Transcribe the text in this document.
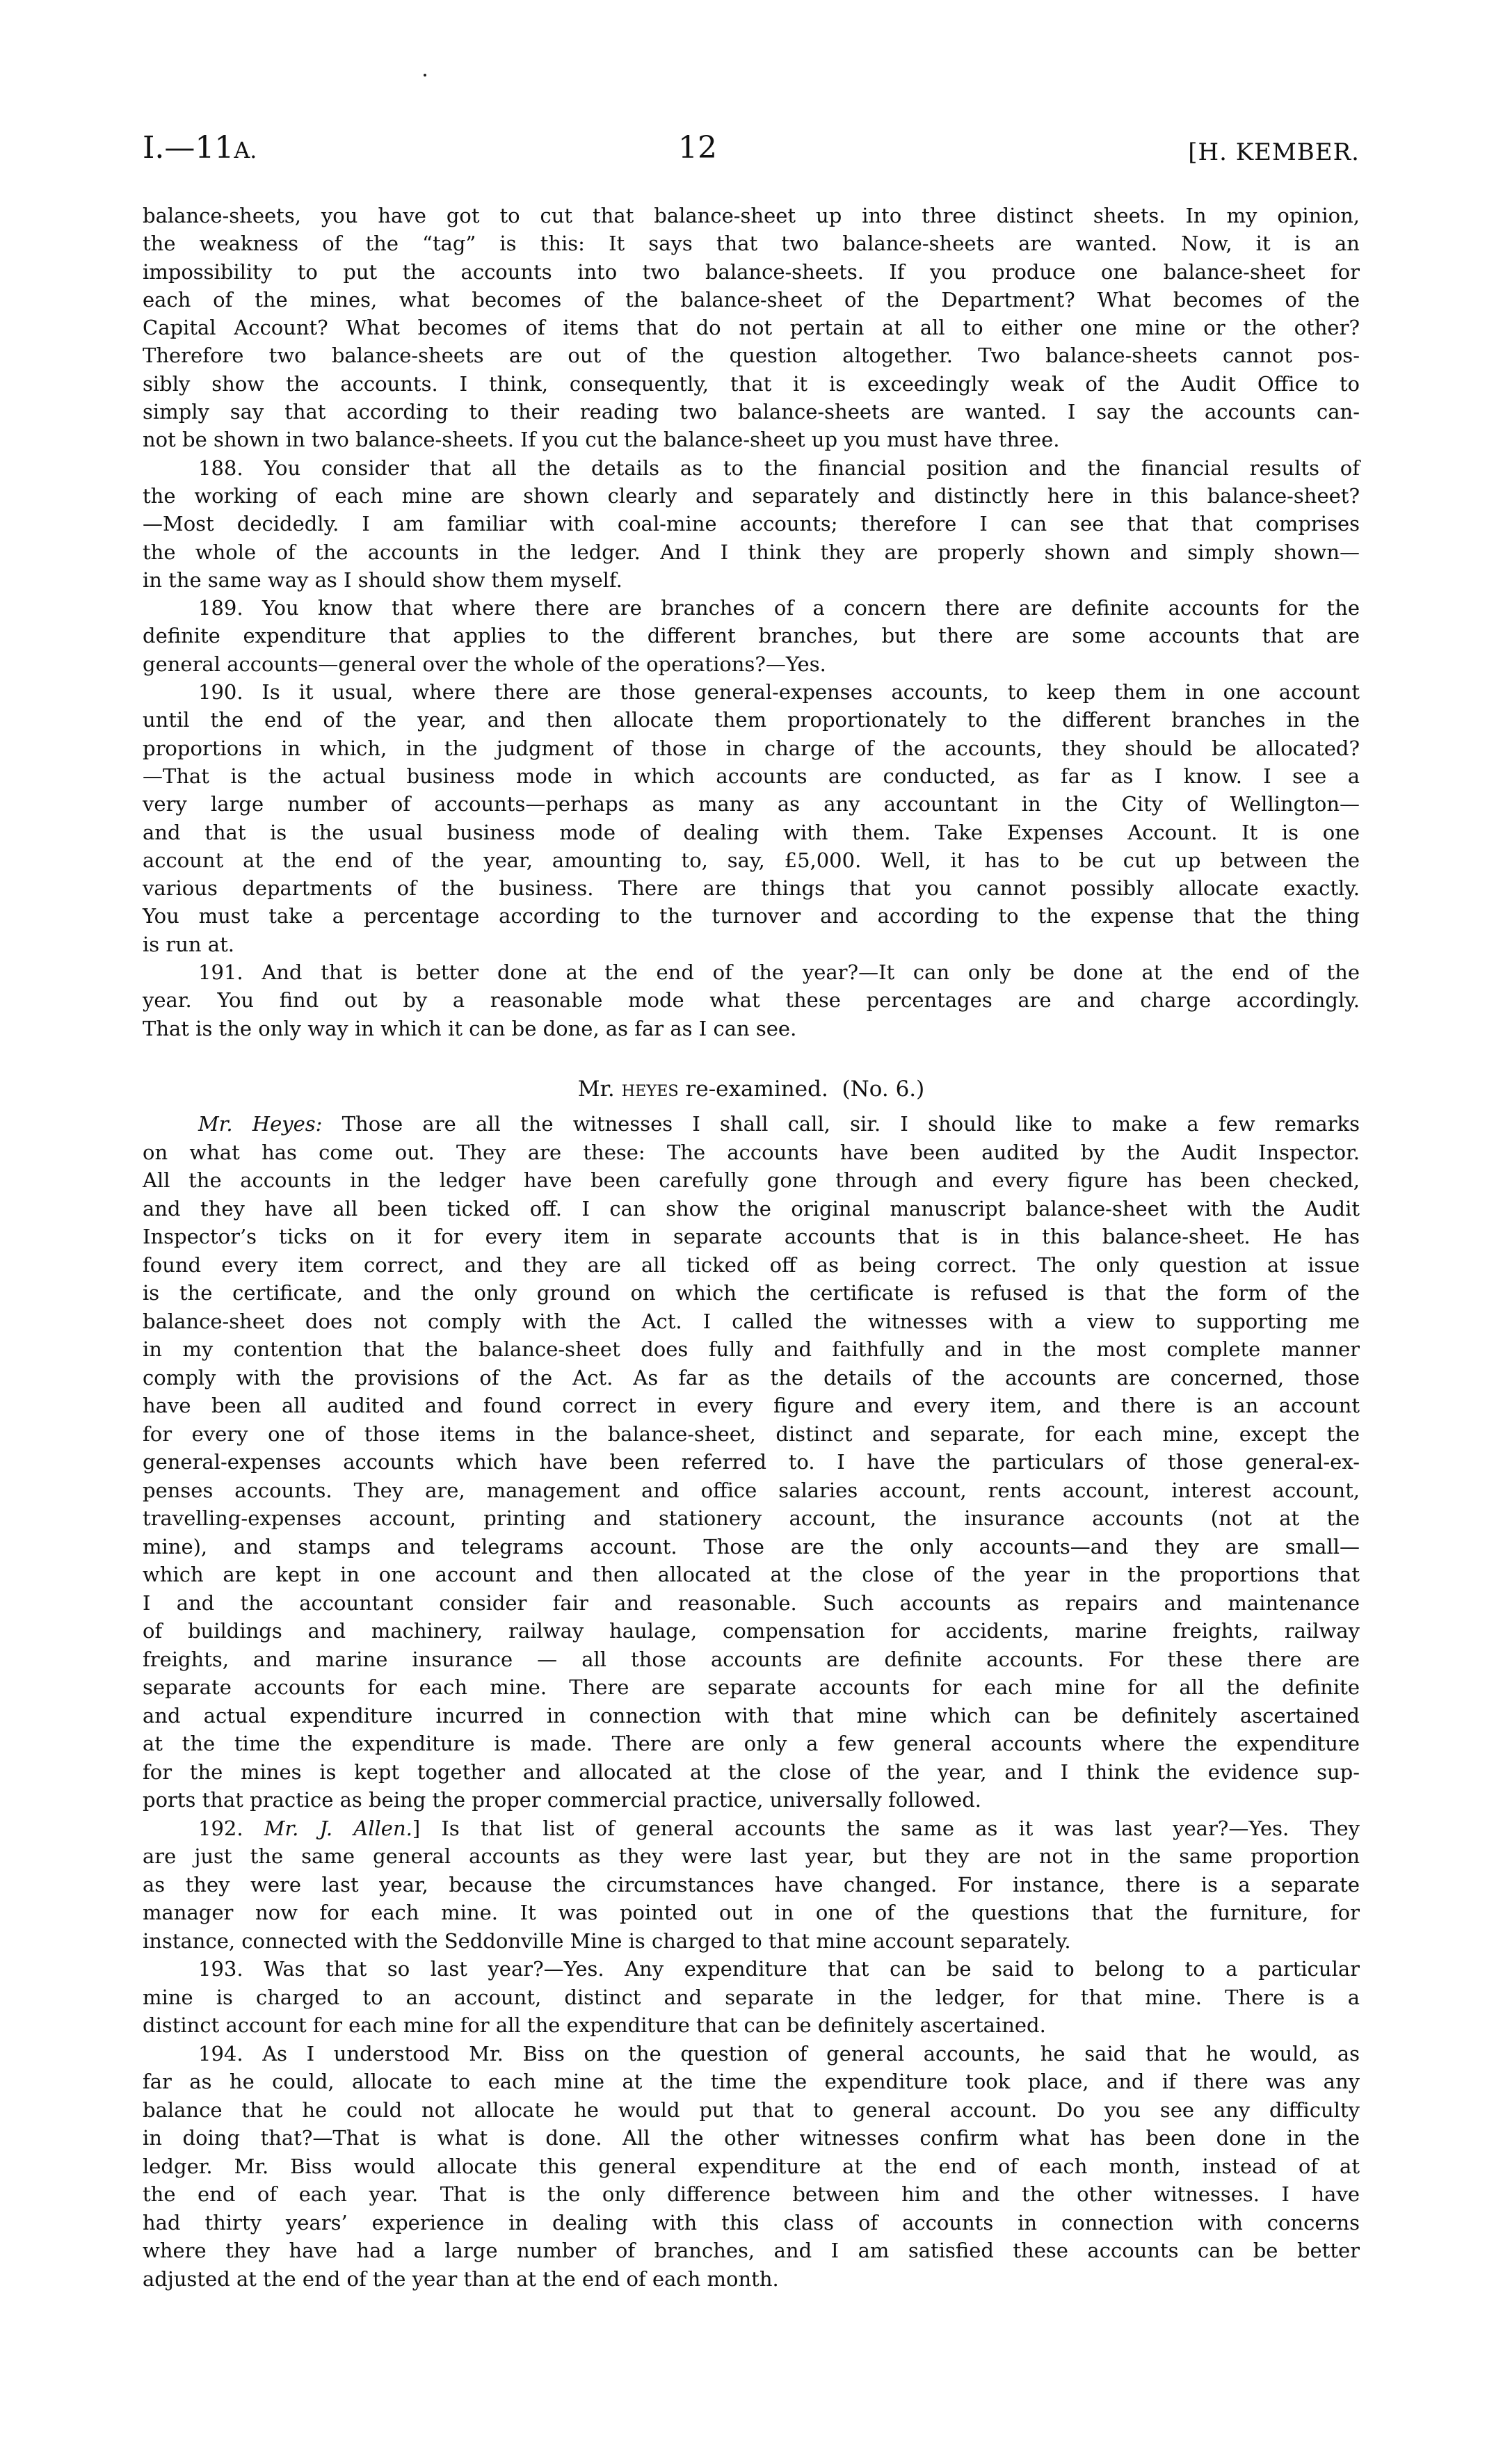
I.—11A.	12	[H. KEMBER.
balance-sheets, you have got to cut that balance-sheet up into three distinct sheets. In my opinion,
the weakness of the “tag” is this: It says that two balance-sheets are wanted. Now, it is an
impossibility to put the accounts into two balance-sheets. If you produce one balance-sheet for
each of the mines, what becomes of the balance-sheet of the Department? What becomes of the
Capital Account? What becomes of items that do not pertain at all to either one mine or the other?
Therefore two balance-sheets are out of the question altogether. Two balance-sheets cannot pos-
sibly show the accounts. I think, consequently, that it is exceedingly weak of the Audit Office to
simply say that according to their reading two balance-sheets are wanted. I say the accounts can-
not be shown in two balance-sheets. If you cut the balance-sheet up you must have three.
188. You consider that all the details as to the financial position and the financial results of
the working of each mine are shown clearly and separately and distinctly here in this balance-sheet?
—Most decidedly. I am familiar with coal-mine accounts; therefore I can see that that comprises
the whole of the accounts in the ledger. And I think they are properly shown and simply shown—
in the same way as I should show them myself.
189. You know that where there are branches of a concern there are definite accounts for the
definite expenditure that applies to the different branches, but there are some accounts that are
general accounts—general over the whole of the operations?—Yes.
190. Is it usual, where there are those general-expenses accounts, to keep them in one account
until the end of the year, and then allocate them proportionately to the different branches in the
proportions in which, in the judgment of those in charge of the accounts, they should be allocated?
—That is the actual business mode in which accounts are conducted, as far as I know. I see a
very large number of accounts—perhaps as many as any accountant in the City of Wellington—
and that is the usual business mode of dealing with them. Take Expenses Account. It is one
account at the end of the year, amounting to, say, £5,000. Well, it has to be cut up between the
various departments of the business. There are things that you cannot possibly allocate exactly.
You must take a percentage according to the turnover and according to the expense that the thing
is run at.
191. And that is better done at the end of the year?—It can only be done at the end of the
year. You find out by a reasonable mode what these percentages are and charge accordingly.
That is the only way in which it can be done, as far as I can see.
Mr. HEYES re-examined.  (No. 6.)
Mr. Heyes: Those are all the witnesses I shall call, sir. I should like to make a few remarks
on what has come out. They are these: The accounts have been audited by the Audit Inspector.
All the accounts in the ledger have been carefully gone through and every figure has been checked,
and they have all been ticked off. I can show the original manuscript balance-sheet with the Audit
Inspector’s ticks on it for every item in separate accounts that is in this balance-sheet. He has
found every item correct, and they are all ticked off as being correct. The only question at issue
is the certificate, and the only ground on which the certificate is refused is that the form of the
balance-sheet does not comply with the Act. I called the witnesses with a view to supporting me
in my contention that the balance-sheet does fully and faithfully and in the most complete manner
comply with the provisions of the Act. As far as the details of the accounts are concerned, those
have been all audited and found correct in every figure and every item, and there is an account
for every one of those items in the balance-sheet, distinct and separate, for each mine, except the
general-expenses accounts which have been referred to. I have the particulars of those general-ex-
penses accounts. They are, management and office salaries account, rents account, interest account,
travelling-expenses account, printing and stationery account, the insurance accounts (not at the
mine), and stamps and telegrams account. Those are the only accounts—and they are small—
which are kept in one account and then allocated at the close of the year in the proportions that
I and the accountant consider fair and reasonable. Such accounts as repairs and maintenance
of buildings and machinery, railway haulage, compensation for accidents, marine freights, railway
freights, and marine insurance — all those accounts are definite accounts. For these there are
separate accounts for each mine. There are separate accounts for each mine for all the definite
and actual expenditure incurred in connection with that mine which can be definitely ascertained
at the time the expenditure is made. There are only a few general accounts where the expenditure
for the mines is kept together and allocated at the close of the year, and I think the evidence sup-
ports that practice as being the proper commercial practice, universally followed.
192. Mr. J. Allen.] Is that list of general accounts the same as it was last year?—Yes. They
are just the same general accounts as they were last year, but they are not in the same proportion
as they were last year, because the circumstances have changed. For instance, there is a separate
manager now for each mine. It was pointed out in one of the questions that the furniture, for
instance, connected with the Seddonville Mine is charged to that mine account separately.
193. Was that so last year?—Yes. Any expenditure that can be said to belong to a particular
mine is charged to an account, distinct and separate in the ledger, for that mine. There is a
distinct account for each mine for all the expenditure that can be definitely ascertained.
194. As I understood Mr. Biss on the question of general accounts, he said that he would, as
far as he could, allocate to each mine at the time the expenditure took place, and if there was any
balance that he could not allocate he would put that to general account. Do you see any difficulty
in doing that?—That is what is done. All the other witnesses confirm what has been done in the
ledger. Mr. Biss would allocate this general expenditure at the end of each month, instead of at
the end of each year. That is the only difference between him and the other witnesses. I have
had thirty years’ experience in dealing with this class of accounts in connection with concerns
where they have had a large number of branches, and I am satisfied these accounts can be better
adjusted at the end of the year than at the end of each month.
